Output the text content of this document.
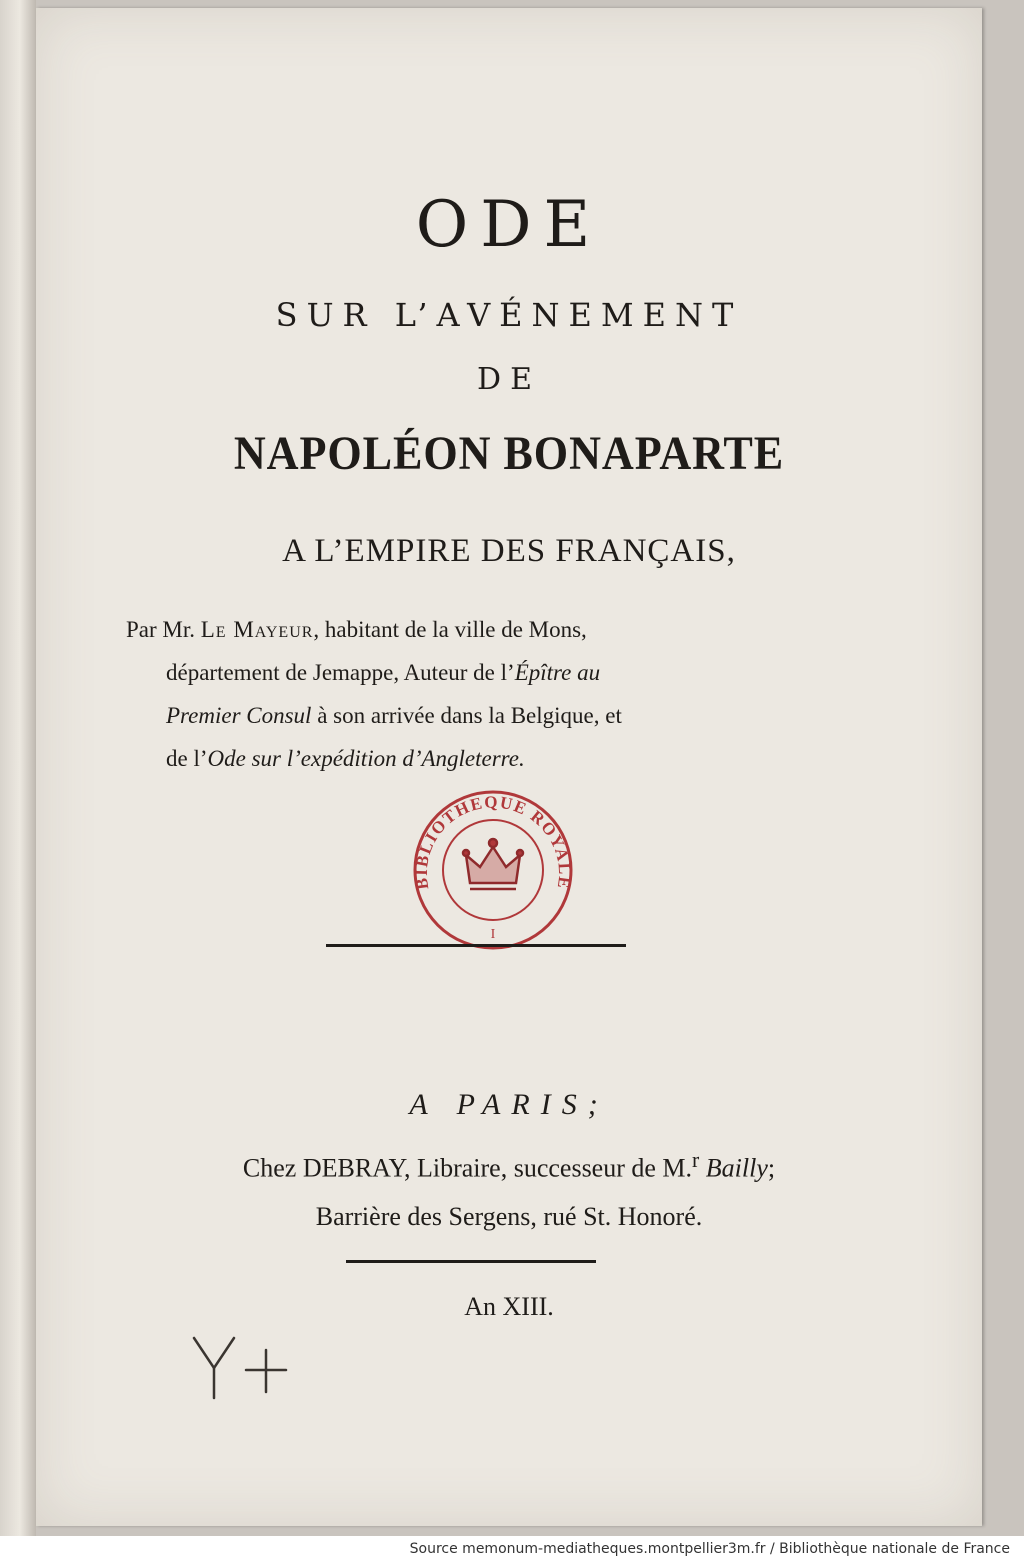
ODE
SUR L’AVÉNEMENT
DE
NAPOLÉON BONAPARTE
A L’EMPIRE DES FRANÇAIS,
Par Mr. Le Mayeur, habitant de la ville de Mons,
département de Jemappe, Auteur de l’Épître au
Premier Consul à son arrivée dans la Belgique, et
de l’Ode sur l’expédition d’Angleterre.
BIBLIOTHEQUE ROYALE
I
A PARIS;
Chez DEBRAY, Libraire, successeur de M.$^r$ Bailly;
Barrière des Sergens, rué St. Honoré.
An XIII.
Source memonum-mediatheques.montpellier3m.fr / Bibliothèque nationale de France
